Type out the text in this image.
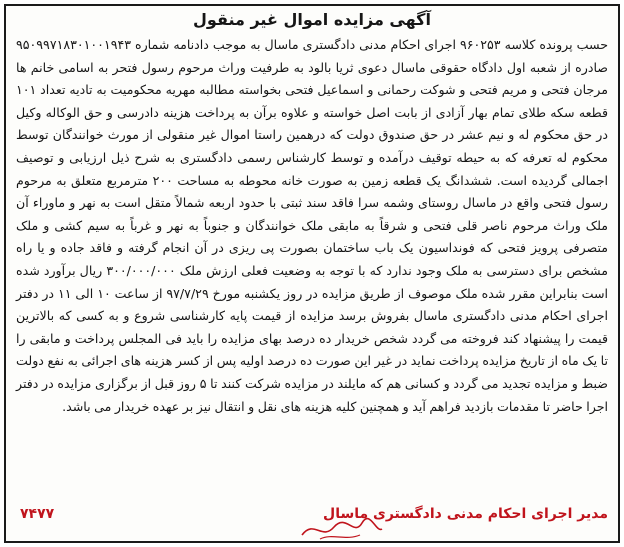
آگهی مزایده اموال غیر منقول

حسب پرونده کلاسه ۹۶۰۲۵۳ اجرای احکام مدنی دادگستری ماسال به موجب دادنامه شماره ۹۵۰۹۹۷۱۸۳۰۱۰۰۱۹۴۳ صادره از شعبه اول دادگاه حقوقی ماسال دعوی ثریا بالود به طرفیت وراث مرحوم رسول فتحر به اسامی خانم ها مرجان فتحی و مریم فتحی و شوکت رحمانی و اسماعیل فتحی بخواسته مطالبه مهریه محکومیت به تادیه تعداد ۱۰۱ قطعه سکه طلای تمام بهار آزادی از بابت اصل خواسته و علاوه برآن به پرداخت هزینه دادرسی و حق الوکاله وکیل در حق محکوم له و نیم عشر در حق صندوق دولت که درهمین راستا اموال غیر منقولی از مورث خوانندگان توسط محکوم له تعرفه که به حیطه توقیف درآمده و توسط کارشناس رسمی دادگستری به شرح ذیل ارزیابی و توصیف اجمالی گردیده است. ششدانگ یک قطعه زمین به صورت خانه محوطه به مساحت ۲۰۰ مترمربع متعلق به مرحوم رسول فتحی واقع در ماسال روستای وشمه سرا فاقد سند ثبتی با حدود اربعه شمالاً متقل است به نهر و ماوراء آن ملک وراث مرحوم ناصر قلی فتحی و شرقاً به مابقی ملک خوانندگان و جنوباً به نهر و غرباً به سیم کشی و ملک متصرفی پرویز فتحی که فونداسیون یک باب ساختمان بصورت پی ریزی در آن انجام گرفته و فاقد جاده و یا راه مشخص برای دسترسی به ملک وجود ندارد که با توجه به وضعیت فعلی ارزش ملک ۳۰۰/۰۰۰/۰۰۰ ریال برآورد شده است بنابراین مقرر شده ملک موصوف از طریق مزایده در روز یکشنبه مورخ ۹۷/۷/۲۹ از ساعت ۱۰ الی ۱۱ در دفتر اجرای احکام مدنی دادگستری ماسال بفروش برسد مزایده از قیمت پایه کارشناسی شروع و به کسی که بالاترین قیمت را پیشنهاد کند فروخته می گردد شخص خریدار ده درصد بهای مزایده را باید فی المجلس پرداخت و مابقی را تا یک ماه از تاریخ مزایده پرداخت نماید در غیر این صورت ده درصد اولیه پس از کسر هزینه های اجرائی به نفع دولت ضبط و مزایده تجدید می گردد و کسانی هم که مایلند در مزایده شرکت کنند تا ۵ روز قبل از برگزاری مزایده در دفتر اجرا حاضر تا مقدمات بازدید فراهم آید و همچنین کلیه هزینه های نقل و انتقال نیز بر عهده خریدار می باشد.

مدیر اجرای احکام مدنی دادگستری ماسال
۷۴۷۷
